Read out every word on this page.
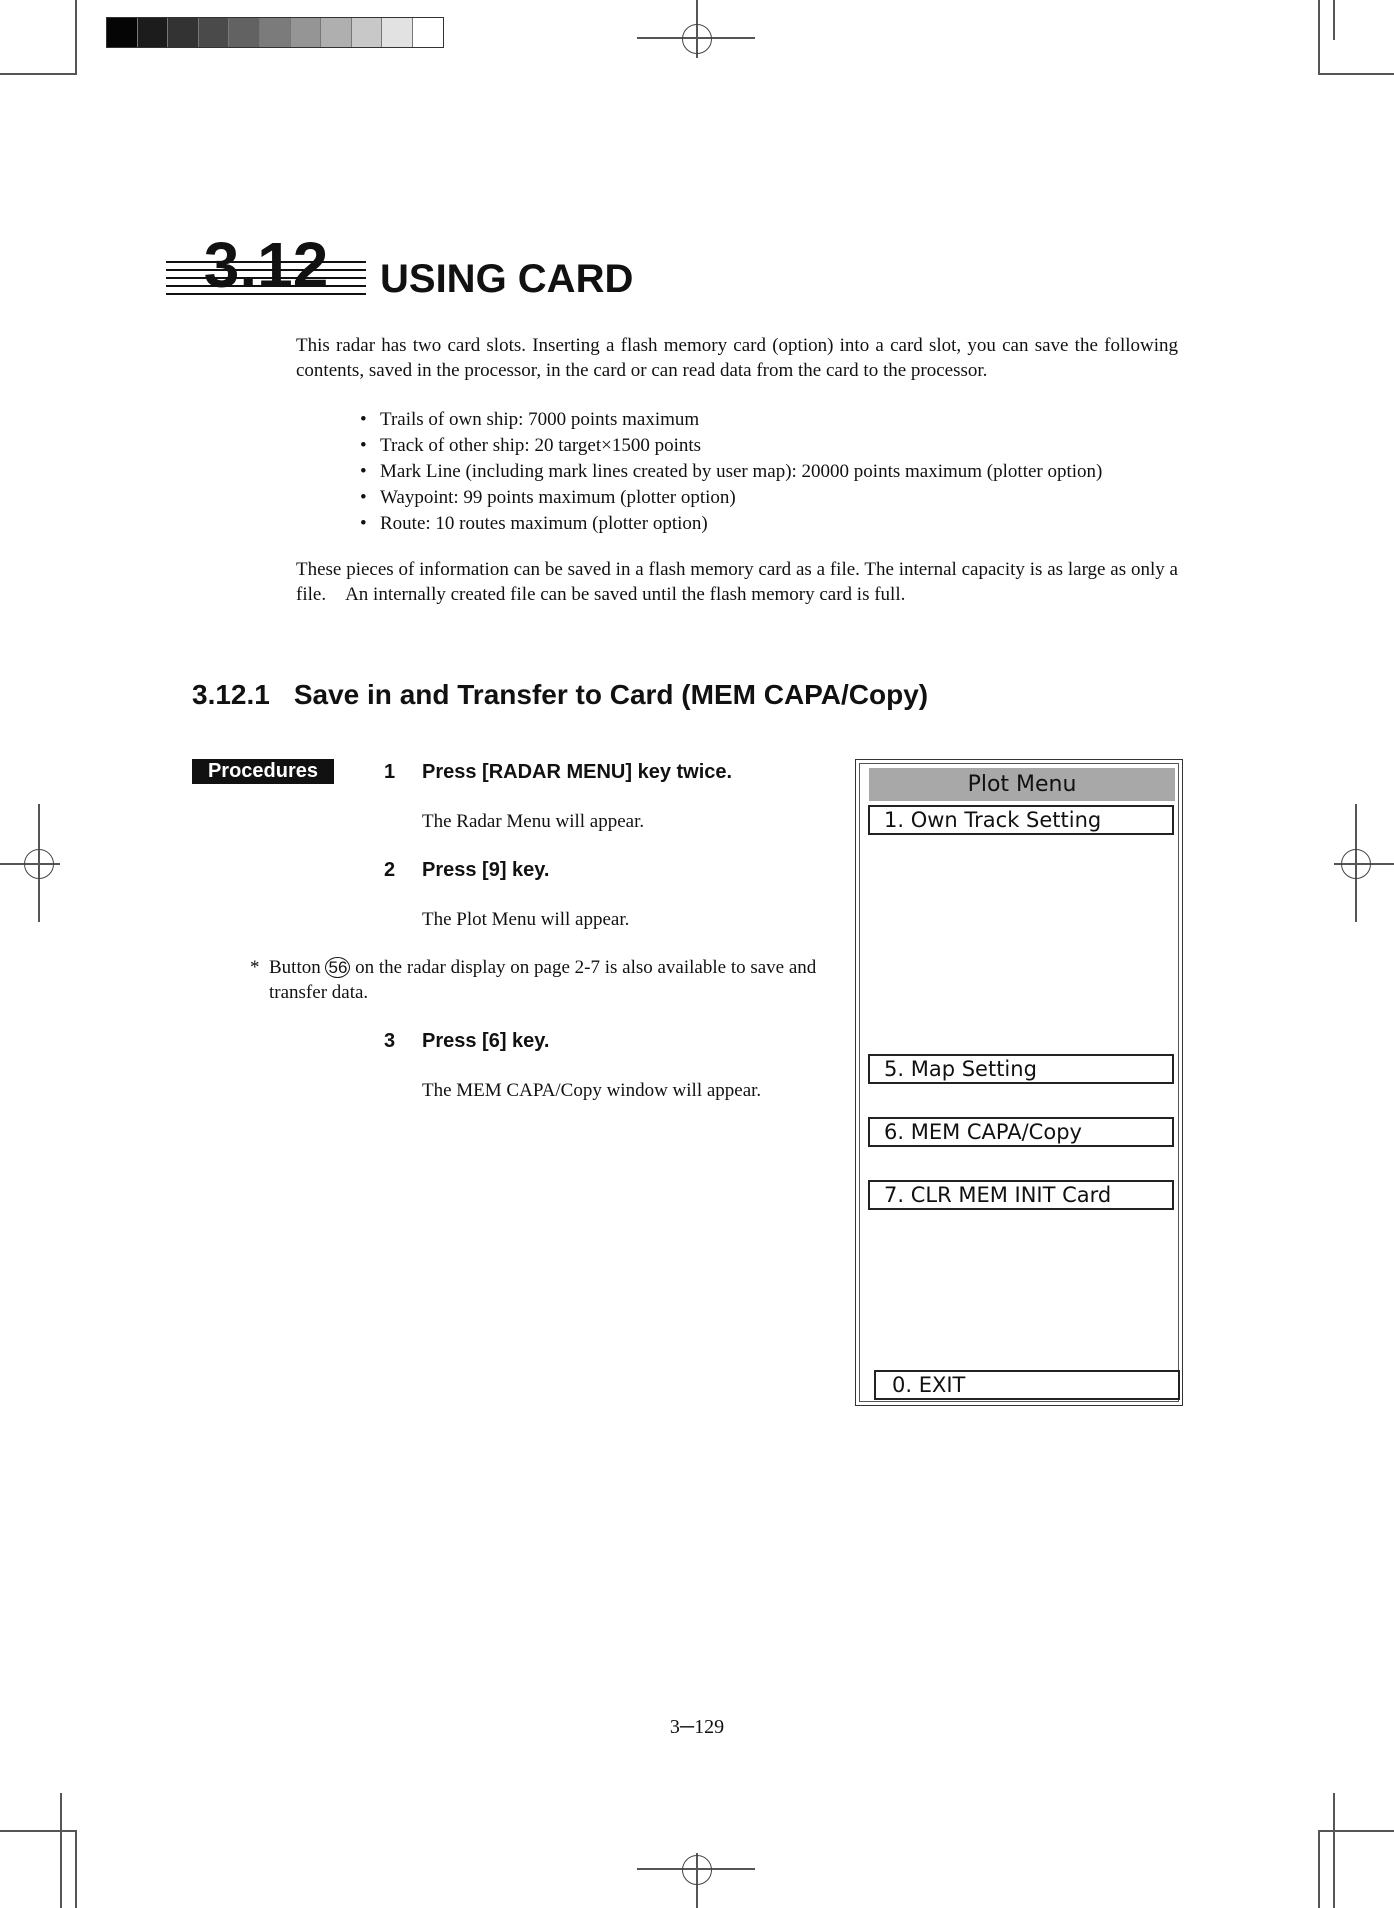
3.12	USING CARD
This radar has two card slots. Inserting a flash memory card (option) into a card slot, you can save the following contents, saved in the processor, in the card or can read data from the card to the processor.
• Trails of own ship: 7000 points maximum
• Track of other ship: 20 target×1500 points
• Mark Line (including mark lines created by user map): 20000 points maximum (plotter option)
• Waypoint: 99 points maximum (plotter option)
• Route: 10 routes maximum (plotter option)
These pieces of information can be saved in a flash memory card as a file. The internal capacity is as large as only a file.　An internally created file can be saved until the flash memory card is full.
3.12.1 Save in and Transfer to Card (MEM CAPA/Copy)
Procedures	1 Press [RADAR MENU] key twice.
The Radar Menu will appear.
2 Press [9] key.
The Plot Menu will appear.
* Button 56 on the radar display on page 2-7 is also available to save and transfer data.
3 Press [6] key.
The MEM CAPA/Copy window will appear.
Plot Menu
1. Own Track Setting
5. Map Setting
6. MEM CAPA/Copy
7. CLR MEM INIT Card
0. EXIT
3─129
